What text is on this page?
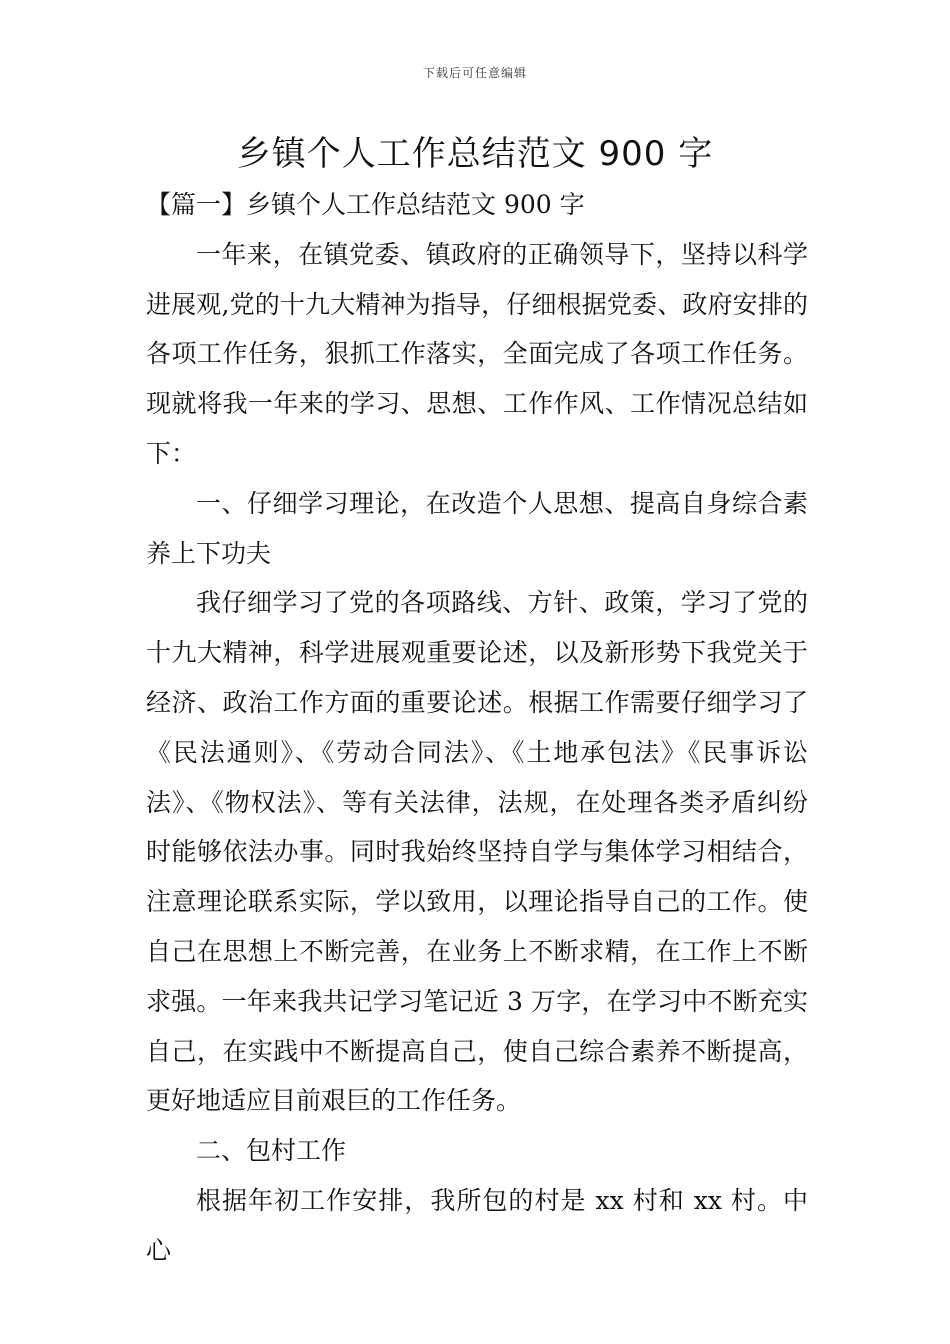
下载后可任意编辑
乡镇个人工作总结范文 900 字

【篇一】乡镇个人工作总结范文 900 字

一年来，在镇党委、镇政府的正确领导下，坚持以科学进展观,党的十九大精神为指导，仔细根据党委、政府安排的各项工作任务，狠抓工作落实，全面完成了各项工作任务。现就将我一年来的学习、思想、工作作风、工作情况总结如下：

一、仔细学习理论，在改造个人思想、提高自身综合素养上下功夫

我仔细学习了党的各项路线、方针、政策，学习了党的十九大精神，科学进展观重要论述，以及新形势下我党关于经济、政治工作方面的重要论述。根据工作需要仔细学习了《民法通则》、《劳动合同法》、《土地承包法》《民事诉讼法》、《物权法》、等有关法律，法规，在处理各类矛盾纠纷时能够依法办事。同时我始终坚持自学与集体学习相结合，注意理论联系实际，学以致用，以理论指导自己的工作。使自己在思想上不断完善，在业务上不断求精，在工作上不断求强。一年来我共记学习笔记近 3 万字，在学习中不断充实自己，在实践中不断提高自己，使自己综合素养不断提高，更好地适应目前艰巨的工作任务。

二、包村工作

根据年初工作安排，我所包的村是 xx 村和 xx 村。中心
